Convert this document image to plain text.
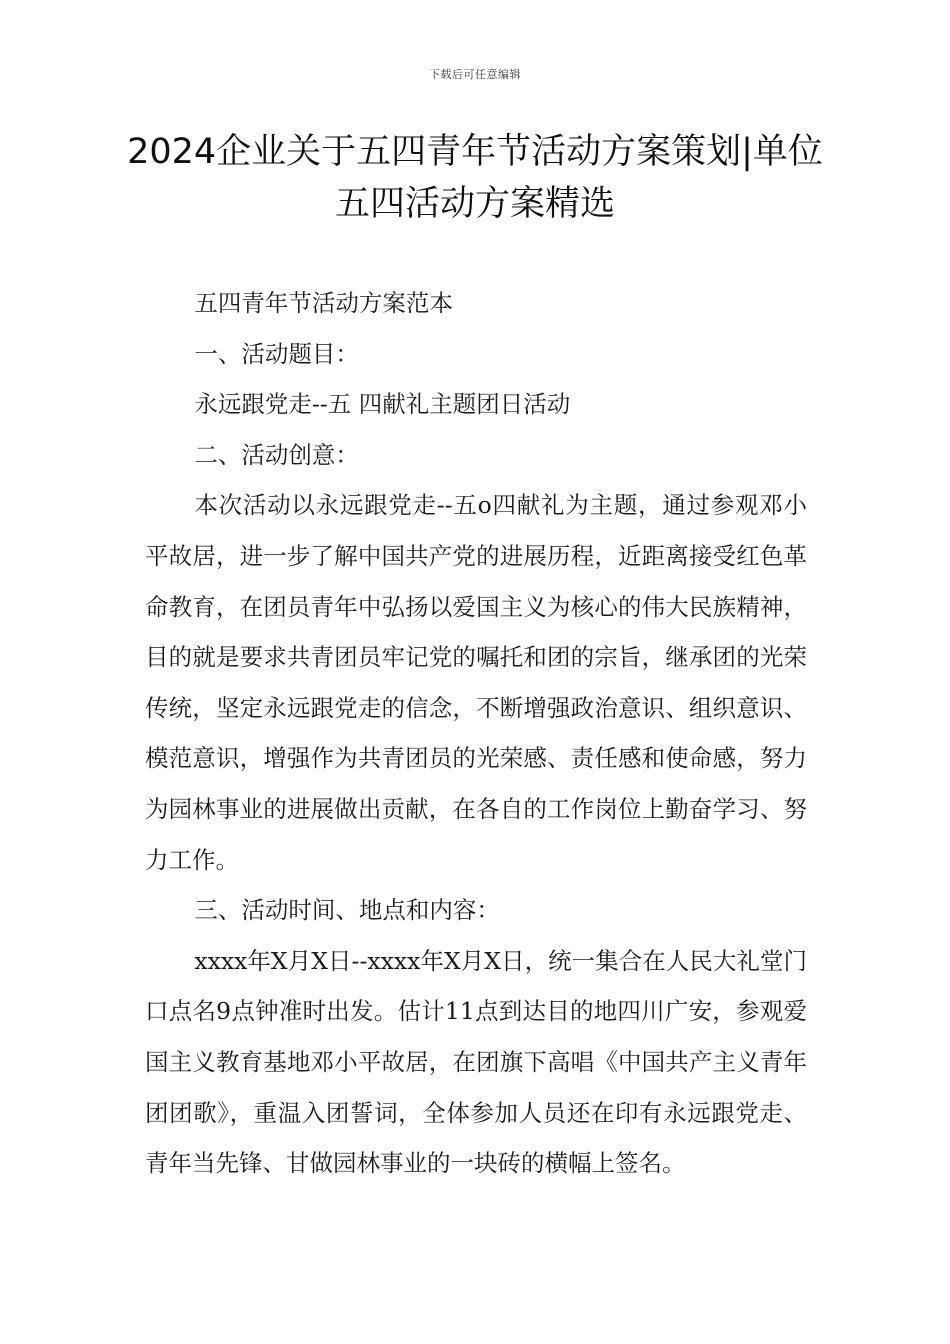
下载后可任意编辑
2024企业关于五四青年节活动方案策划|单位五四活动方案精选

五四青年节活动方案范本

一、活动题目：

永远跟党走--五 四献礼主题团日活动

二、活动创意：

本次活动以永远跟党走--五o四献礼为主题，通过参观邓小平故居，进一步了解中国共产党的进展历程，近距离接受红色革命教育，在团员青年中弘扬以爱国主义为核心的伟大民族精神，目的就是要求共青团员牢记党的嘱托和团的宗旨，继承团的光荣传统，坚定永远跟党走的信念，不断增强政治意识、组织意识、模范意识，增强作为共青团员的光荣感、责任感和使命感，努力为园林事业的进展做出贡献，在各自的工作岗位上勤奋学习、努力工作。

三、活动时间、地点和内容：

xxxx年X月X日--xxxx年X月X日，统一集合在人民大礼堂门口点名9点钟准时出发。估计11点到达目的地四川广安，参观爱国主义教育基地邓小平故居，在团旗下高唱《中国共产主义青年团团歌》，重温入团誓词，全体参加人员还在印有永远跟党走、青年当先锋、甘做园林事业的一块砖的横幅上签名。
